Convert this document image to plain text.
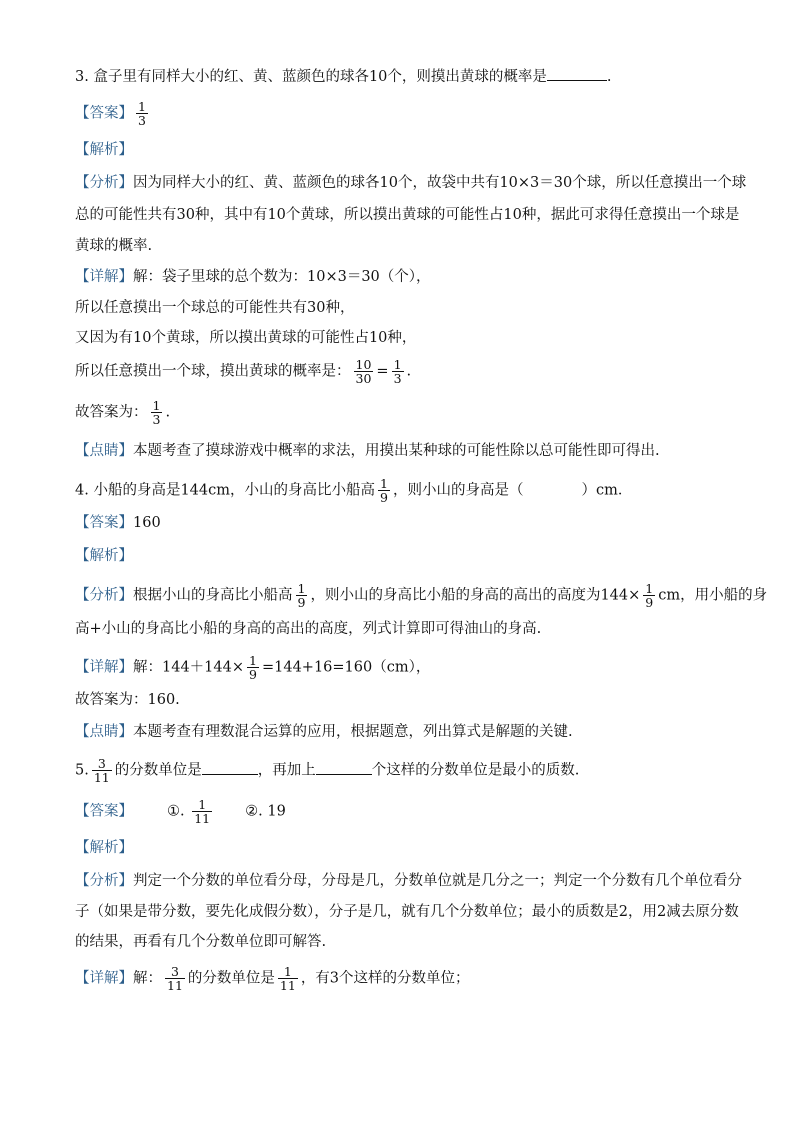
3. 盒子里有同样大小的红、黄、蓝颜色的球各10个，则摸出黄球的概率是	.
【答案】 $\frac{1}{3}$
【解析】
【分析】因为同样大小的红、黄、蓝颜色的球各10个，故袋中共有10×3＝30个球，所以任意摸出一个球
总的可能性共有30种，其中有10个黄球，所以摸出黄球的可能性占10种，据此可求得任意摸出一个球是
黄球的概率.
【详解】解：袋子里球的总个数为：10×3＝30（个），
所以任意摸出一个球总的可能性共有30种，
又因为有10个黄球，所以摸出黄球的可能性占10种，
所以任意摸出一个球，摸出黄球的概率是： $\frac{10}{30} = \frac{1}{3}$ .
故答案为： $\frac{1}{3}$ .
【点睛】本题考查了摸球游戏中概率的求法，用摸出某种球的可能性除以总可能性即可得出.
4. 小船的身高是144cm，小山的身高比小船高 $\frac{1}{9}$ ，则小山的身高是（	）cm．
【答案】160
【解析】
【分析】根据小山的身高比小船高 $\frac{1}{9}$ ，则小山的身高比小船的身高的高出的高度为$144\times \frac{1}{9}$ cm，用小船的身
高+小山的身高比小船的身高的高出的高度，列式计算即可得油山的身高.
【详解】解：$144+144\times \frac{1}{9} =144+16=160(cm)$，
故答案为：160.
【点睛】本题考查有理数混合运算的应用，根据题意，列出算式是解题的关键.
5. $\frac{3}{11}$ 的分数单位是	，再加上	个这样的分数单位是最小的质数.
【答案】 ①. $\frac{1}{11}$ ②. 19
【解析】
【分析】判定一个分数的单位看分母，分母是几，分数单位就是几分之一；判定一个分数有几个单位看分
子（如果是带分数，要先化成假分数），分子是几，就有几个分数单位；最小的质数是2，用2减去原分数
的结果，再看有几个分数单位即可解答.
【详解】解： $\frac{3}{11}$ 的分数单位是 $\frac{1}{11}$ ，有3个这样的分数单位；
